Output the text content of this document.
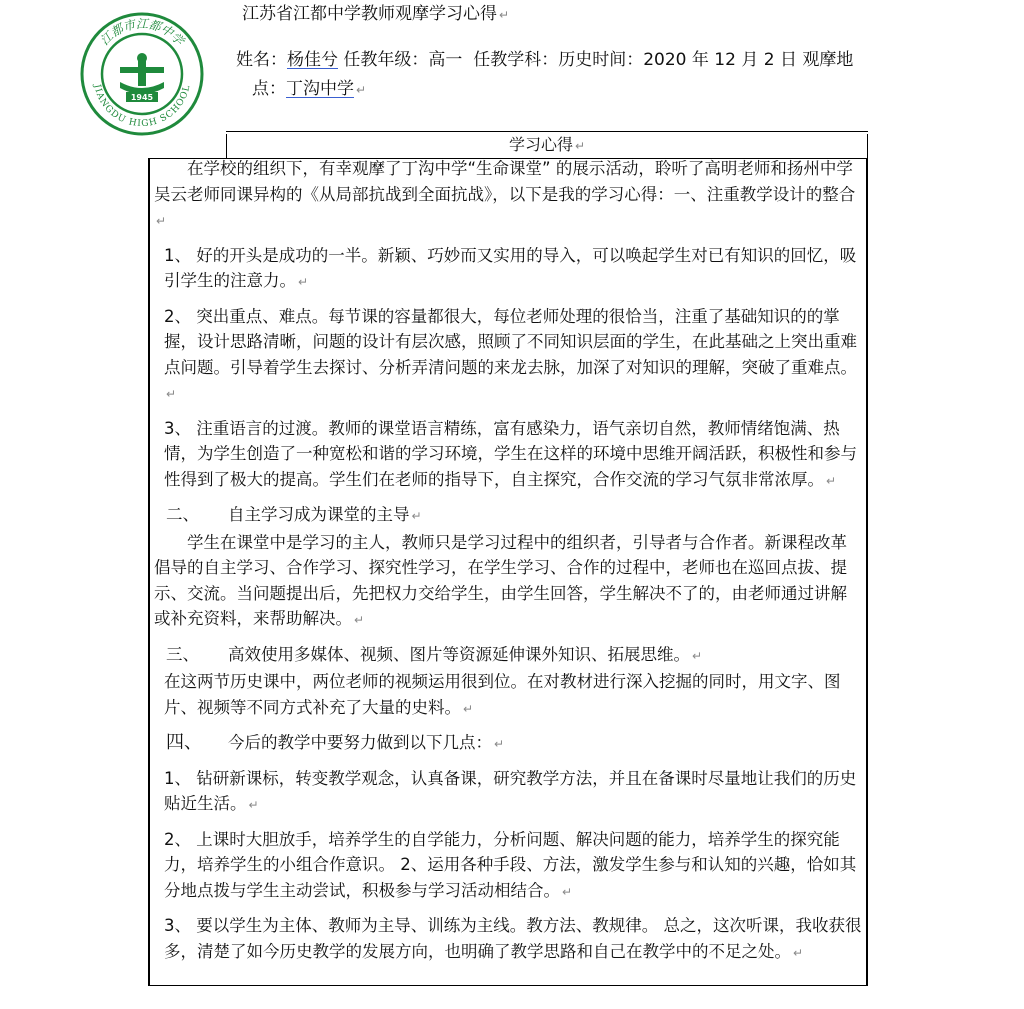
江都市江都中学
JIANGDU HIGH SCHOOL
1945
江苏省江都中学教师观摩学习心得 ↵
姓名：杨佳兮 任教年级：高一  任教学科：历史时间：2020 年 12 月 2 日 观摩地
点：丁沟中学 ↵
学习心得 ↵

在学校的组织下，有幸观摩了丁沟中学“生命课堂” 的展示活动，聆听了高明老师和扬州中学吴云老师同课异构的《从局部抗战到全面抗战》，以下是我的学习心得：一、注重教学设计的整合↵

1、 好的开头是成功的一半。新颖、巧妙而又实用的导入，可以唤起学生对已有知识的回忆，吸引学生的注意力。 ↵

2、 突出重点、难点。每节课的容量都很大，每位老师处理的很恰当，注重了基础知识的的掌握，设计思路清晰，问题的设计有层次感，照顾了不同知识层面的学生，在此基础之上突出重难点问题。引导着学生去探讨、分析弄清问题的来龙去脉，加深了对知识的理解，突破了重难点。↵

3、 注重语言的过渡。教师的课堂语言精练，富有感染力，语气亲切自然，教师情绪饱满、热情，为学生创造了一种宽松和谐的学习环境，学生在这样的环境中思维开阔活跃，积极性和参与性得到了极大的提高。学生们在老师的指导下，自主探究，合作交流的学习气氛非常浓厚。 ↵

二、 自主学习成为课堂的主导 ↵

学生在课堂中是学习的主人，教师只是学习过程中的组织者，引导者与合作者。新课程改革倡导的自主学习、合作学习、探究性学习，在学生学习、合作的过程中，老师也在巡回点拔、提示、交流。当问题提出后，先把权力交给学生，由学生回答，学生解决不了的，由老师通过讲解或补充资料，来帮助解决。 ↵

三、 高效使用多媒体、视频、图片等资源延伸课外知识、拓展思维。 ↵

在这两节历史课中，两位老师的视频运用很到位。在对教材进行深入挖掘的同时，用文字、图片、视频等不同方式补充了大量的史料。 ↵

四、 今后的教学中要努力做到以下几点： ↵

1、 钻研新课标，转变教学观念，认真备课，研究教学方法，并且在备课时尽量地让我们的历史贴近生活。 ↵

2、 上课时大胆放手，培养学生的自学能力，分析问题、解决问题的能力，培养学生的探究能力，培养学生的小组合作意识。 2、运用各种手段、方法，激发学生参与和认知的兴趣，恰如其分地点拨与学生主动尝试，积极参与学习活动相结合。 ↵

3、 要以学生为主体、教师为主导、训练为主线。教方法、教规律。 总之，这次听课，我收获很多，清楚了如今历史教学的发展方向，也明确了教学思路和自己在教学中的不足之处。 ↵
